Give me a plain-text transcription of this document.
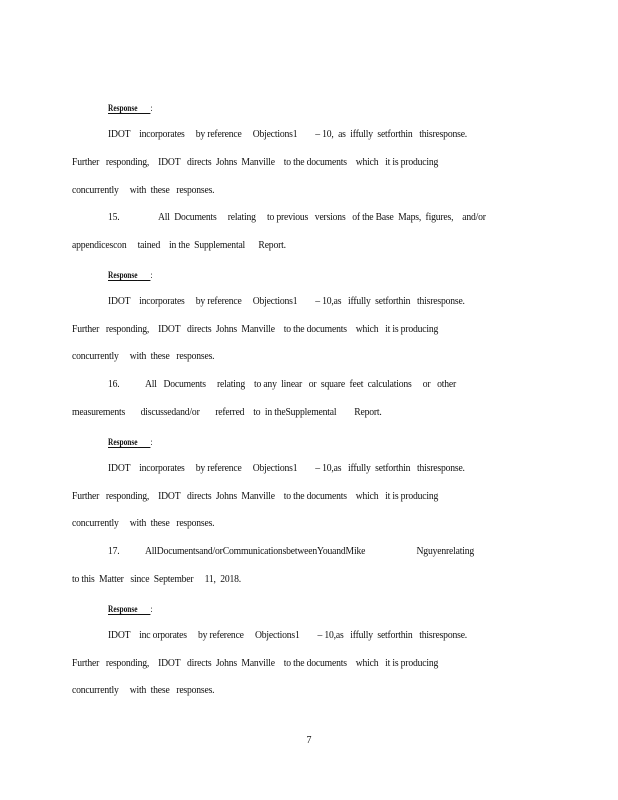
Response :
IDOT    incorporates     by reference     Objections1        – 10,  as  iffully  setforthin   thisresponse.
Further   responding,    IDOT   directs  Johns  Manville    to the documents    which   it is producing
concurrently     with  these   responses.
15.	All  Documents     relating     to previous   versions   of the Base  Maps,  figures,    and/or
appendicescon     tained    in the  Supplemental      Report.
Response :
IDOT    incorporates     by reference     Objections1        – 10,as   iffully  setforthin   thisresponse.
Further   responding,    IDOT   directs  Johns  Manville    to the documents    which   it is producing
concurrently     with  these   responses.
16. All   Documents     relating    to any  linear   or  square  feet  calculations     or   other
measurements       discussedand/or       referred    to  in theSupplemental        Report.
Response :
IDOT    incorporates     by reference     Objections1        – 10,as   iffully  setforthin   thisresponse.
Further   responding,    IDOT   directs  Johns  Manville    to the documents    which   it is producing
concurrently     with  these   responses.
17. AllDocumentsand/orCommunicationsbetweenYouandMike                       Nguyenrelating
to this  Matter   since  September     11,  2018.
Response :
IDOT    inc orporates     by reference     Objections1        – 10,as   iffully  setforthin   thisresponse.
Further   responding,    IDOT   directs  Johns  Manville    to the documents    which   it is producing
concurrently     with  these   responses.
7
